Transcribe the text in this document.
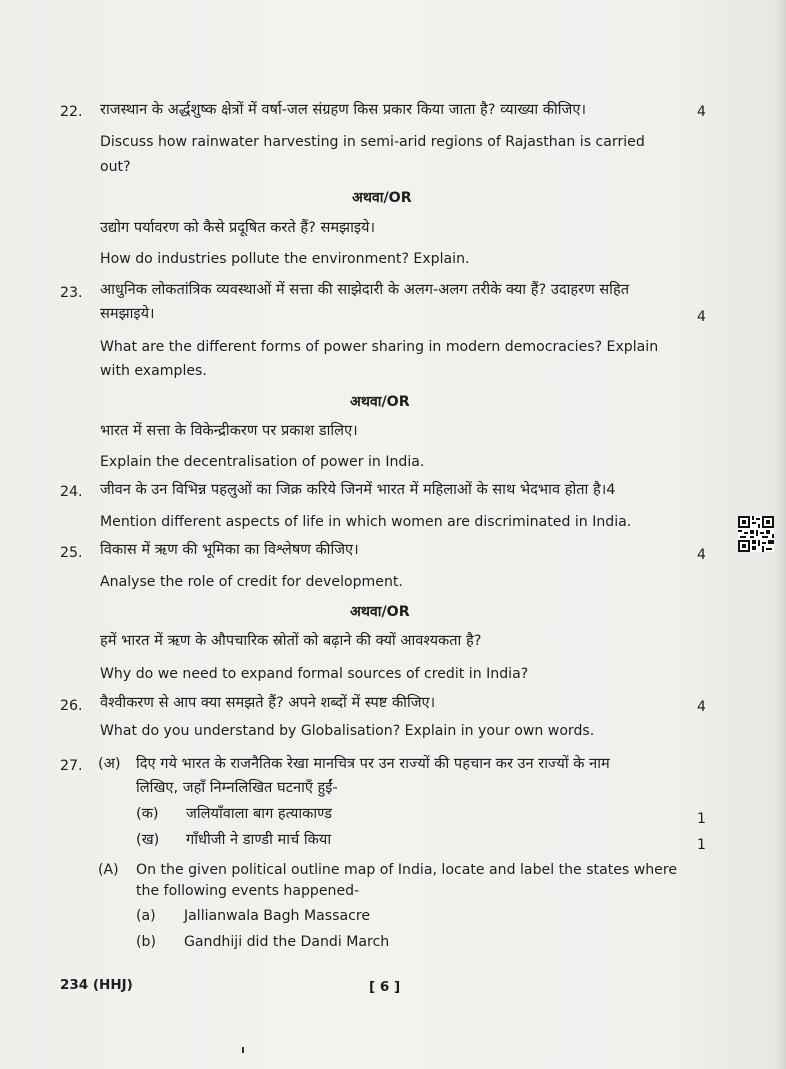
22. राजस्थान के अर्द्धशुष्क क्षेत्रों में वर्षा-जल संग्रहण किस प्रकार किया जाता है? व्याख्या कीजिए।	4
Discuss how rainwater harvesting in semi-arid regions of Rajasthan is carried
out?
अथवा/OR
उद्योग पर्यावरण को कैसे प्रदूषित करते हैं? समझाइये।
How do industries pollute the environment? Explain.
23. आधुनिक लोकतांत्रिक व्यवस्थाओं में सत्ता की साझेदारी के अलग-अलग तरीके क्या हैं? उदाहरण सहित
समझाइये।	4
What are the different forms of power sharing in modern democracies? Explain
with examples.
अथवा/OR
भारत में सत्ता के विकेन्द्रीकरण पर प्रकाश डालिए।
Explain the decentralisation of power in India.
24. जीवन के उन विभिन्न पहलुओं का जिक्र करिये जिनमें भारत में महिलाओं के साथ भेदभाव होता है।4
Mention different aspects of life in which women are discriminated in India.
25. विकास में ऋण की भूमिका का विश्लेषण कीजिए।	4
Analyse the role of credit for development.
अथवा/OR
हमें भारत में ऋण के औपचारिक स्रोतों को बढ़ाने की क्यों आवश्यकता है?
Why do we need to expand formal sources of credit in India?
26. वैश्वीकरण से आप क्या समझते हैं? अपने शब्दों में स्पष्ट कीजिए।	4
What do you understand by Globalisation? Explain in your own words.
27. (अ) दिए गये भारत के राजनैतिक रेखा मानचित्र पर उन राज्यों की पहचान कर उन राज्यों के नाम
लिखिए, जहाँ निम्नलिखित घटनाएँ हुईं-
(क) जलियाँवाला बाग हत्याकाण्ड	1
(ख) गाँधीजी ने डाण्डी मार्च किया	1
(A) On the given political outline map of India, locate and label the states where
the following events happened-
(a) Jallianwala Bagh Massacre
(b) Gandhiji did the Dandi March
234 (HHJ)	[ 6 ]
